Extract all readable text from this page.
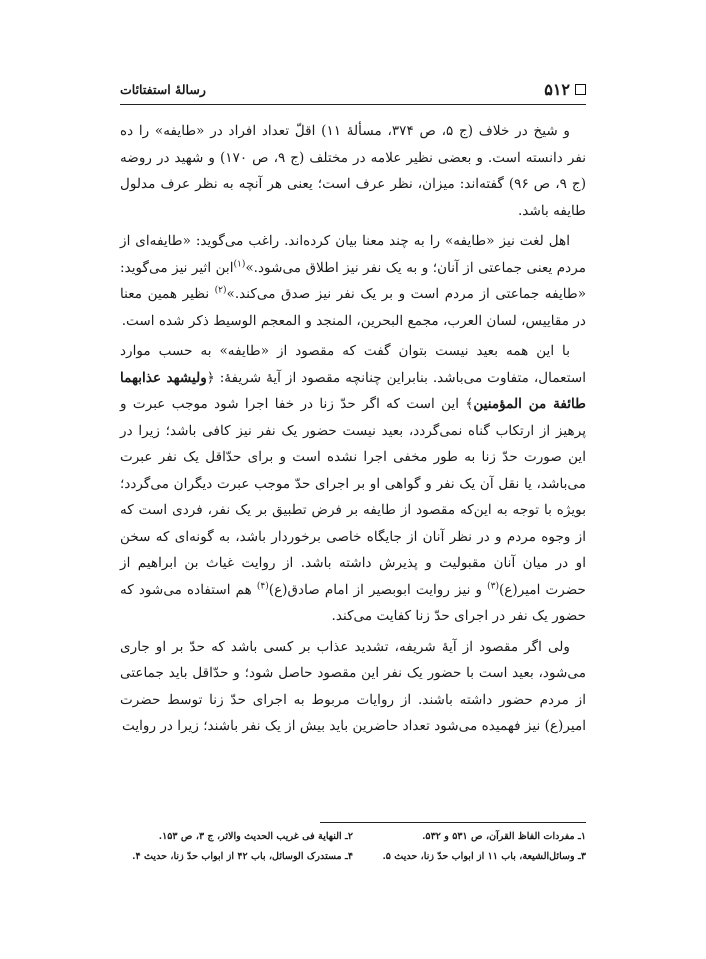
۵۱۲
رسالهٔ استفتائات

و شیخ در خلاف (ج ۵، ص ۳۷۴، مسألهٔ ۱۱) اقلّ تعداد افراد در «طایفه» را ده نفر دانسته است. و بعضی نظیر علامه در مختلف (ج ۹، ص ۱۷۰) و شهید در روضه (ج ۹، ص ۹۶) گفته‌اند: میزان، نظر عرف است؛ یعنی هر آنچه به نظر عرف مدلول طایفه باشد.

اهل لغت نیز «طایفه» را به چند معنا بیان کرده‌اند. راغب می‌گوید: «طایفه‌ای از مردم یعنی جماعتی از آنان؛ و به یک نفر نیز اطلاق می‌شود.»$^{(۱)}$ابن اثیر نیز می‌گوید: «طایفه جماعتی از مردم است و بر یک نفر نیز صدق می‌کند.»$^{(۲)}$ نظیر همین معنا در مقاییس، لسان العرب، مجمع البحرین، المنجد و المعجم الوسیط ذکر شده است.

با این همه بعید نیست بتوان گفت که مقصود از «طایفه» به حسب موارد استعمال، متفاوت می‌باشد. بنابراین چنانچه مقصود از آیهٔ شریفهٔ: ﴿ولیشهد عذابهما طائفة من المؤمنین﴾ این است که اگر حدّ زنا در خفا اجرا شود موجب عبرت و پرهیز از ارتکاب گناه نمی‌گردد، بعید نیست حضور یک نفر نیز کافی باشد؛ زیرا در این صورت حدّ زنا به طور مخفی اجرا نشده است و برای حدّاقل یک نفر عبرت می‌باشد، یا نقل آن یک نفر و گواهی او بر اجرای حدّ موجب عبرت دیگران می‌گردد؛ بویژه با توجه به این‌که مقصود از طایفه بر فرض تطبیق بر یک نفر، فردی است که از وجوه مردم و در نظر آنان از جایگاه خاصی برخوردار باشد، به گونه‌ای که سخن او در میان آنان مقبولیت و پذیرش داشته باشد. از روایت غیاث بن ابراهیم از حضرت امیر(ع)$^{(۳)}$ و نیز روایت ابوبصیر از امام صادق(ع)$^{(۴)}$ هم استفاده می‌شود که حضور یک نفر در اجرای حدّ زنا کفایت می‌کند.

ولی اگر مقصود از آیهٔ شریفه، تشدید عذاب بر کسی باشد که حدّ بر او جاری می‌شود، بعید است با حضور یک نفر این مقصود حاصل شود؛ و حدّاقل باید جماعتی از مردم حضور داشته باشند. از روایات مربوط به اجرای حدّ زنا توسط حضرت امیر(ع) نیز فهمیده می‌شود تعداد حاضرین باید بیش از یک نفر باشند؛ زیرا در روایت

۱ـ مفردات الفاظ القرآن، ص ۵۳۱ و ۵۳۲.
۲ـ النهایة فی غریب الحدیث والاثر، ج ۳، ص ۱۵۳.
۳ـ وسائل‌الشیعة، باب ۱۱ از ابواب حدّ زنا، حدیث ۵.
۴ـ مستدرک الوسائل، باب ۴۲ از ابواب حدّ زنا، حدیث ۴.
